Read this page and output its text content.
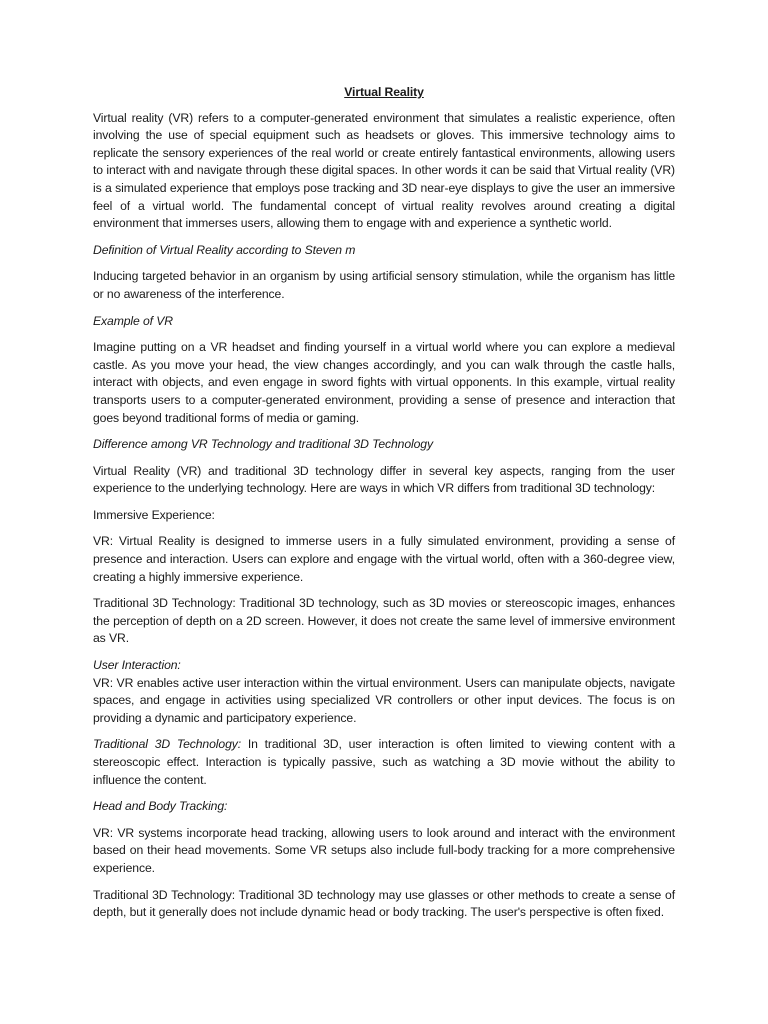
Virtual Reality

Virtual reality (VR) refers to a computer-generated environment that simulates a realistic experience, often involving the use of special equipment such as headsets or gloves. This immersive technology aims to replicate the sensory experiences of the real world or create entirely fantastical environments, allowing users to interact with and navigate through these digital spaces. In other words it can be said that Virtual reality (VR) is a simulated experience that employs pose tracking and 3D near-eye displays to give the user an immersive feel of a virtual world. The fundamental concept of virtual reality revolves around creating a digital environment that immerses users, allowing them to engage with and experience a synthetic world.

Definition of Virtual Reality according to Steven m

Inducing targeted behavior in an organism by using artificial sensory stimulation, while the organism has little or no awareness of the interference.

Example of VR

Imagine putting on a VR headset and finding yourself in a virtual world where you can explore a medieval castle. As you move your head, the view changes accordingly, and you can walk through the castle halls, interact with objects, and even engage in sword fights with virtual opponents. In this example, virtual reality transports users to a computer-generated environment, providing a sense of presence and interaction that goes beyond traditional forms of media or gaming.

Difference among VR Technology and traditional 3D Technology

Virtual Reality (VR) and traditional 3D technology differ in several key aspects, ranging from the user experience to the underlying technology. Here are ways in which VR differs from traditional 3D technology:

Immersive Experience:

VR: Virtual Reality is designed to immerse users in a fully simulated environment, providing a sense of presence and interaction. Users can explore and engage with the virtual world, often with a 360-degree view, creating a highly immersive experience.

Traditional 3D Technology: Traditional 3D technology, such as 3D movies or stereoscopic images, enhances the perception of depth on a 2D screen. However, it does not create the same level of immersive environment as VR.

User Interaction:

VR: VR enables active user interaction within the virtual environment. Users can manipulate objects, navigate spaces, and engage in activities using specialized VR controllers or other input devices. The focus is on providing a dynamic and participatory experience.

Traditional 3D Technology: In traditional 3D, user interaction is often limited to viewing content with a stereoscopic effect. Interaction is typically passive, such as watching a 3D movie without the ability to influence the content.

Head and Body Tracking:

VR: VR systems incorporate head tracking, allowing users to look around and interact with the environment based on their head movements. Some VR setups also include full-body tracking for a more comprehensive experience.

Traditional 3D Technology: Traditional 3D technology may use glasses or other methods to create a sense of depth, but it generally does not include dynamic head or body tracking. The user's perspective is often fixed.
